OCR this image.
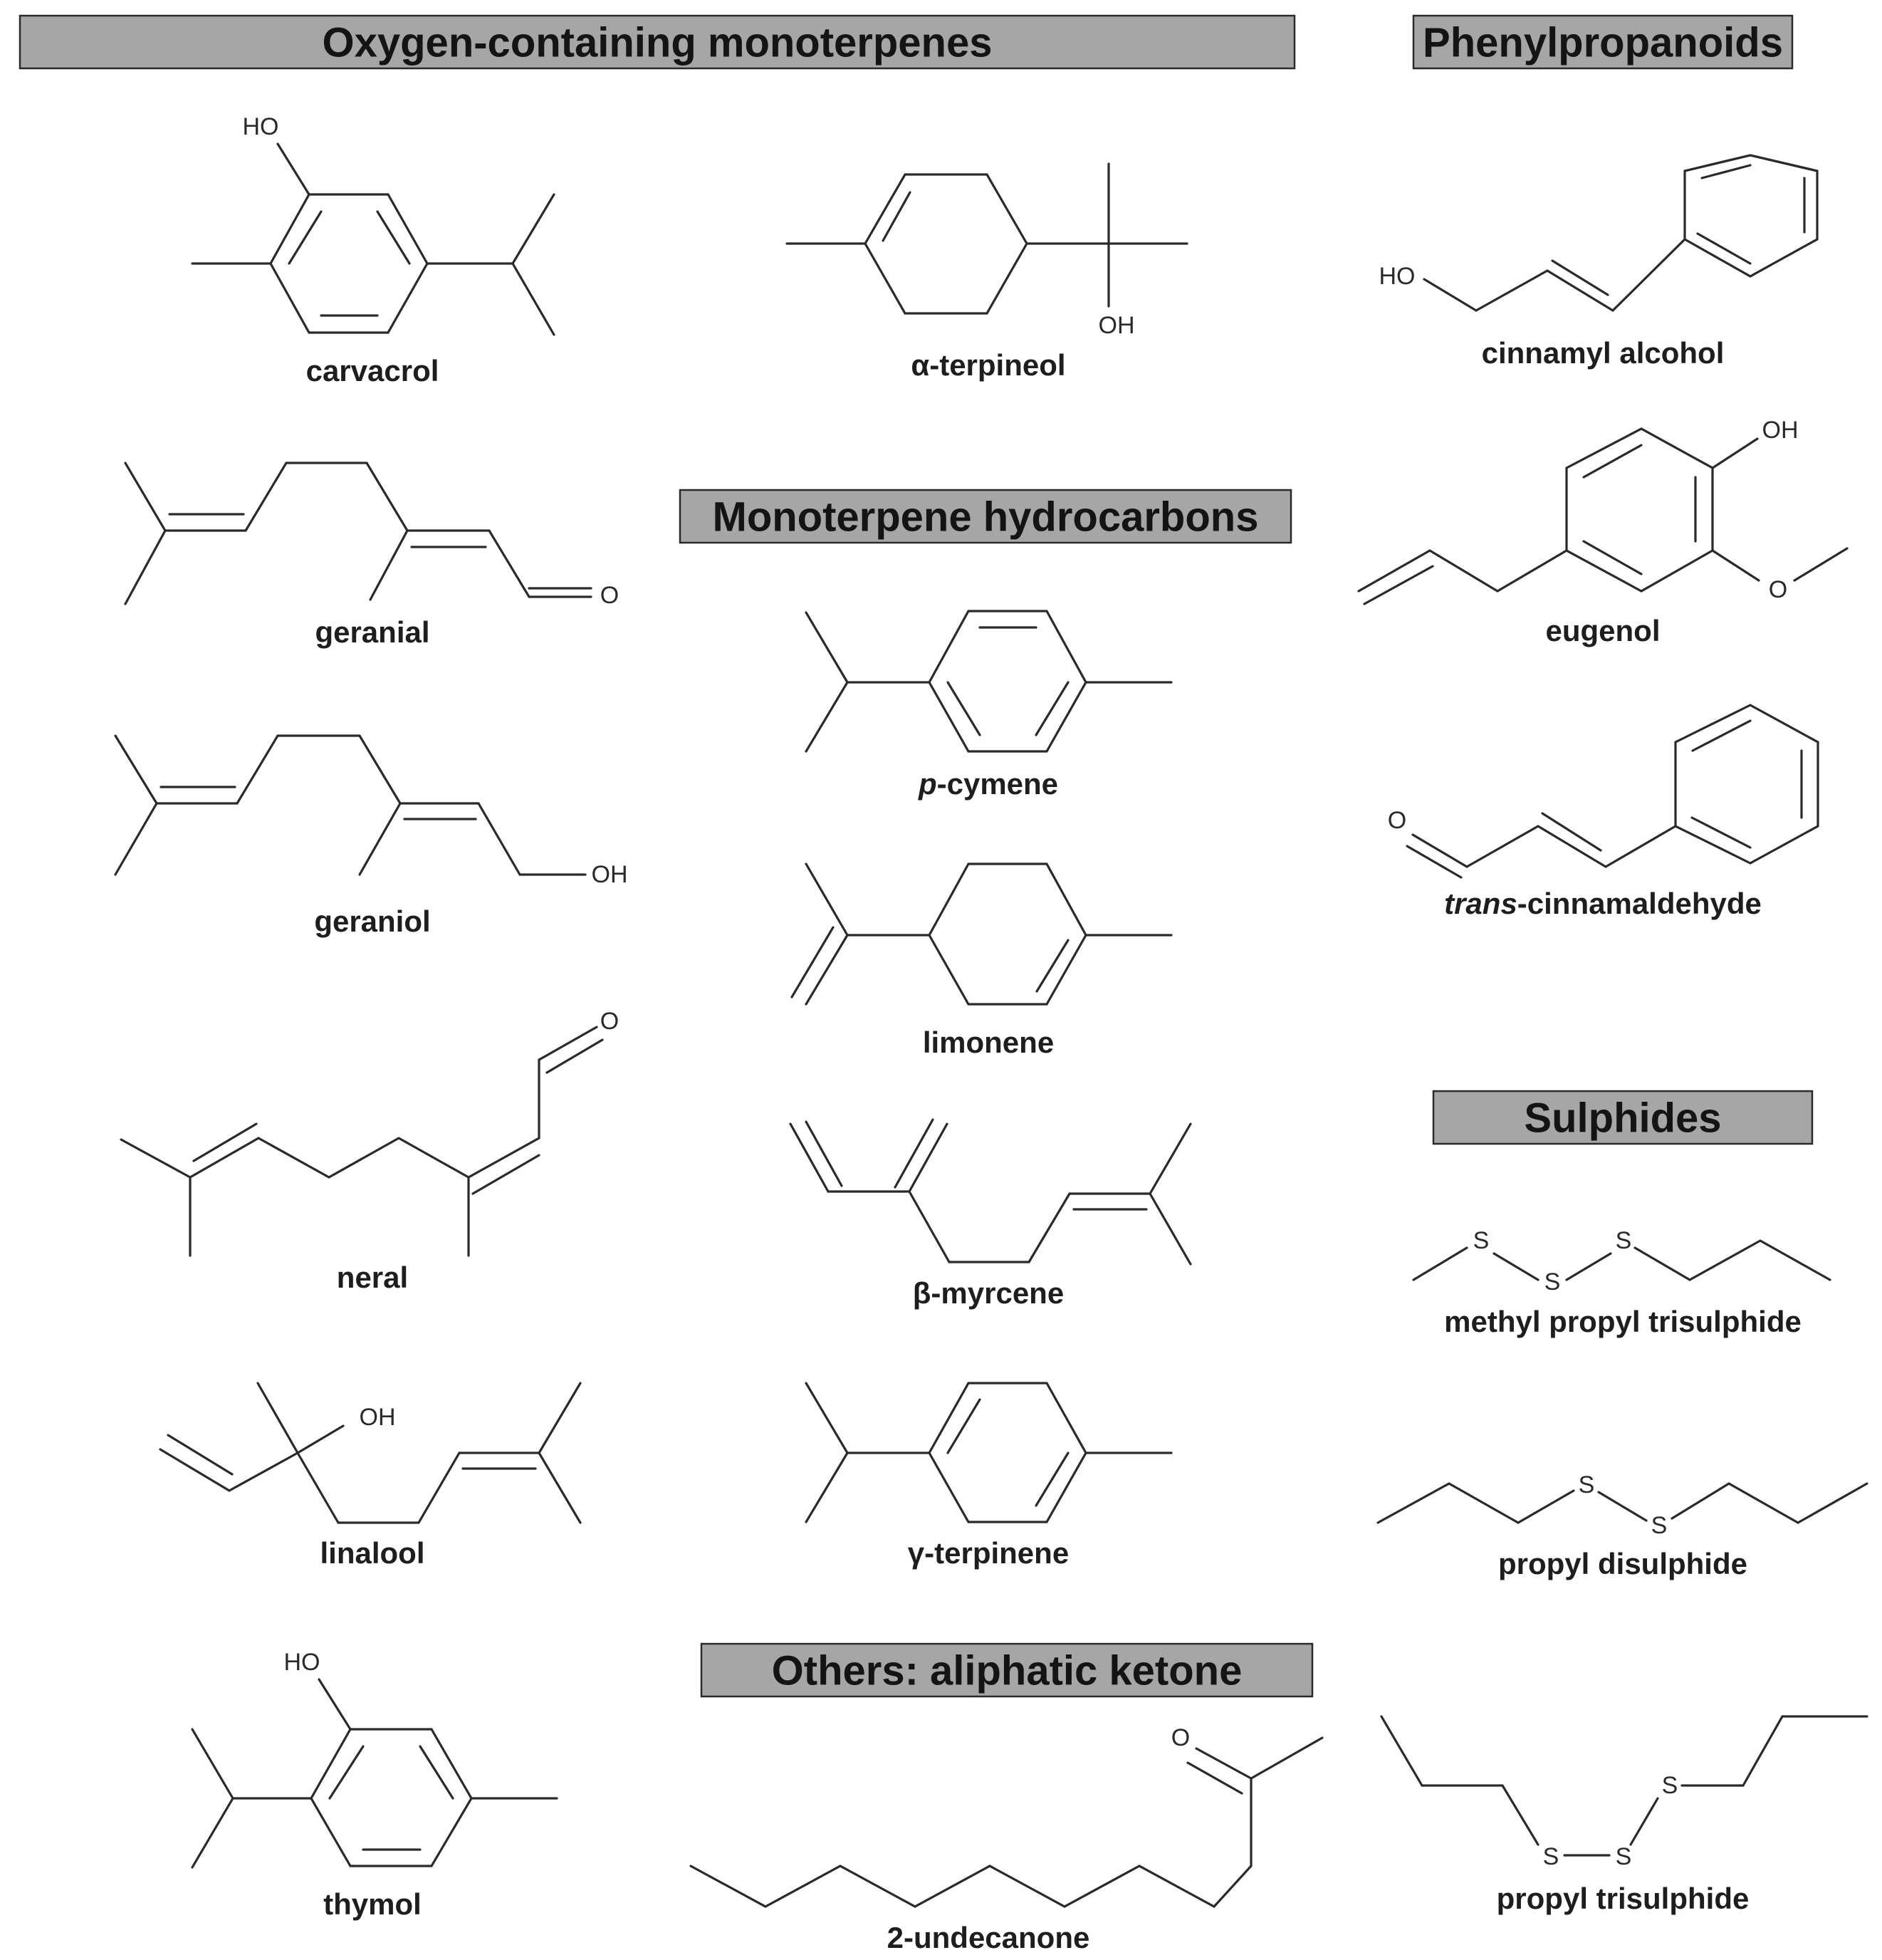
Oxygen-containing monoterpenes	Phenylpropanoids
Monoterpene hydrocarbons
Sulphides
Others: aliphatic ketone
HO
carvacrol
OH
α-terpineol
HO
cinnamyl alcohol
O
geranial
OH
O
eugenol
p-cymene
OH
geraniol
O
trans-cinnamaldehyde
limonene
O
neral	β-myrcene
S
S
S
methyl propyl trisulphide
OH
linalool	γ-terpinene
S
S
propyl disulphide
HO
thymol
O
2-undecanone
S S
S
propyl trisulphide
